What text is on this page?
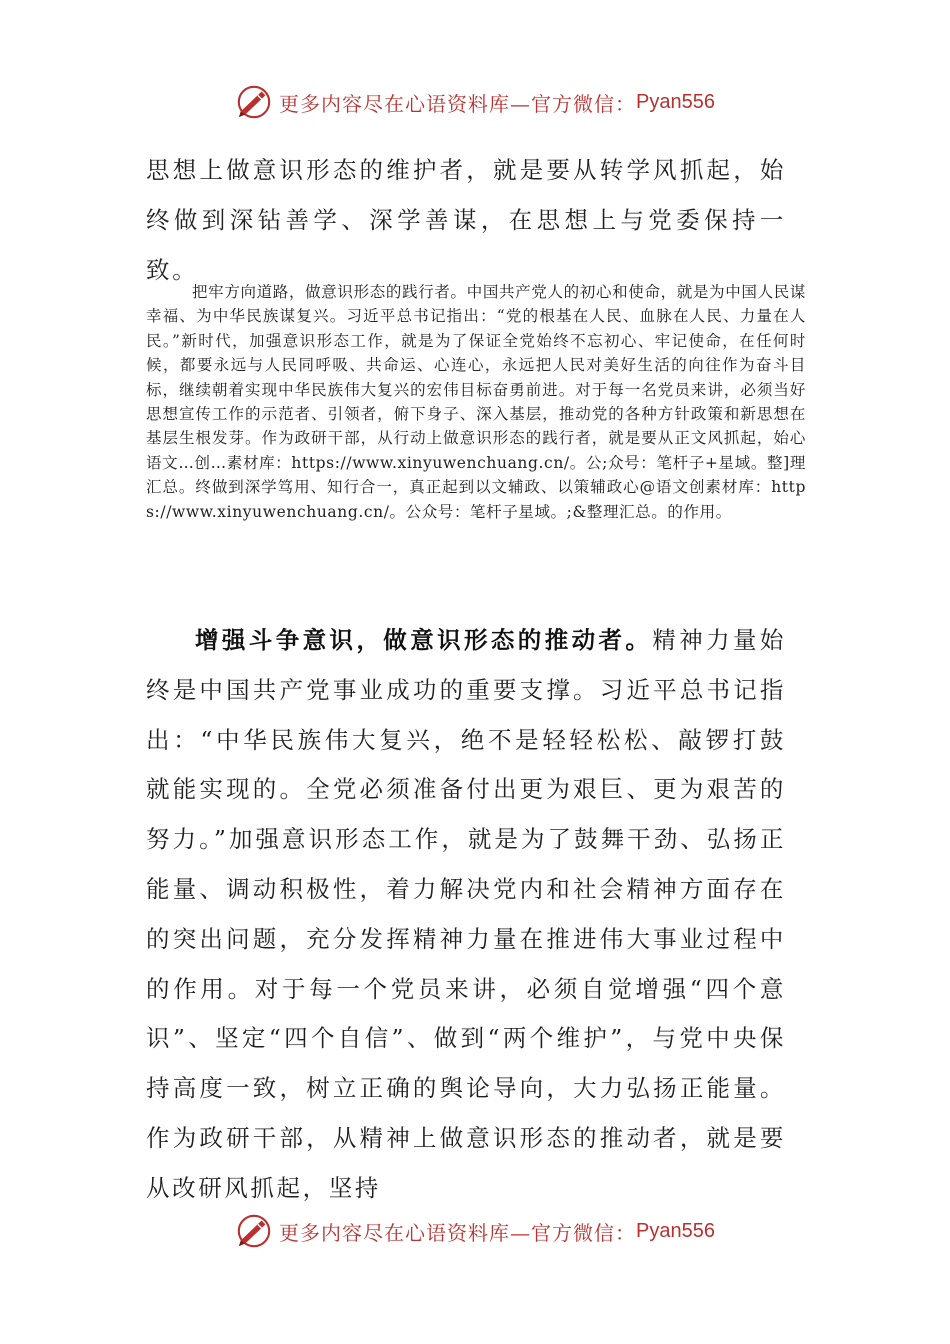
更多内容尽在心语资料库—官方微信： Pyan556

思想上做意识形态的维护者，就是要从转学风抓起，始终做到深钻善学、深学善谋，在思想上与党委保持一致。

把牢方向道路，做意识形态的践行者。中国共产党人的初心和使命，就是为中国人民谋幸福、为中华民族谋复兴。习近平总书记指出：“党的根基在人民、血脉在人民、力量在人民。”新时代，加强意识形态工作，就是为了保证全党始终不忘初心、牢记使命，在任何时候，都要永远与人民同呼吸、共命运、心连心，永远把人民对美好生活的向往作为奋斗目标，继续朝着实现中华民族伟大复兴的宏伟目标奋勇前进。对于每一名党员来讲，必须当好思想宣传工作的示范者、引领者，俯下身子、深入基层，推动党的各种方针政策和新思想在基层生根发芽。作为政研干部，从行动上做意识形态的践行者，就是要从正文风抓起，始心语文…创…素材库：https://www.xinyuwenchuang.cn/。公;众号：笔杆子+星域。整]理汇总。终做到深学笃用、知行合一，真正起到以文辅政、以策辅政心@语文创素材库：https://www.xinyuwenchuang.cn/。公众号：笔杆子星域。;&整理汇总。的作用。

增强斗争意识，做意识形态的推动者。精神力量始终是中国共产党事业成功的重要支撑。习近平总书记指出：“中华民族伟大复兴，绝不是轻轻松松、敲锣打鼓就能实现的。全党必须准备付出更为艰巨、更为艰苦的努力。”加强意识形态工作，就是为了鼓舞干劲、弘扬正能量、调动积极性，着力解决党内和社会精神方面存在的突出问题，充分发挥精神力量在推进伟大事业过程中的作用。对于每一个党员来讲，必须自觉增强“四个意识”、坚定“四个自信”、做到“两个维护”，与党中央保持高度一致，树立正确的舆论导向，大力弘扬正能量。作为政研干部，从精神上做意识形态的推动者，就是要从改研风抓起，坚持

更多内容尽在心语资料库—官方微信： Pyan556
